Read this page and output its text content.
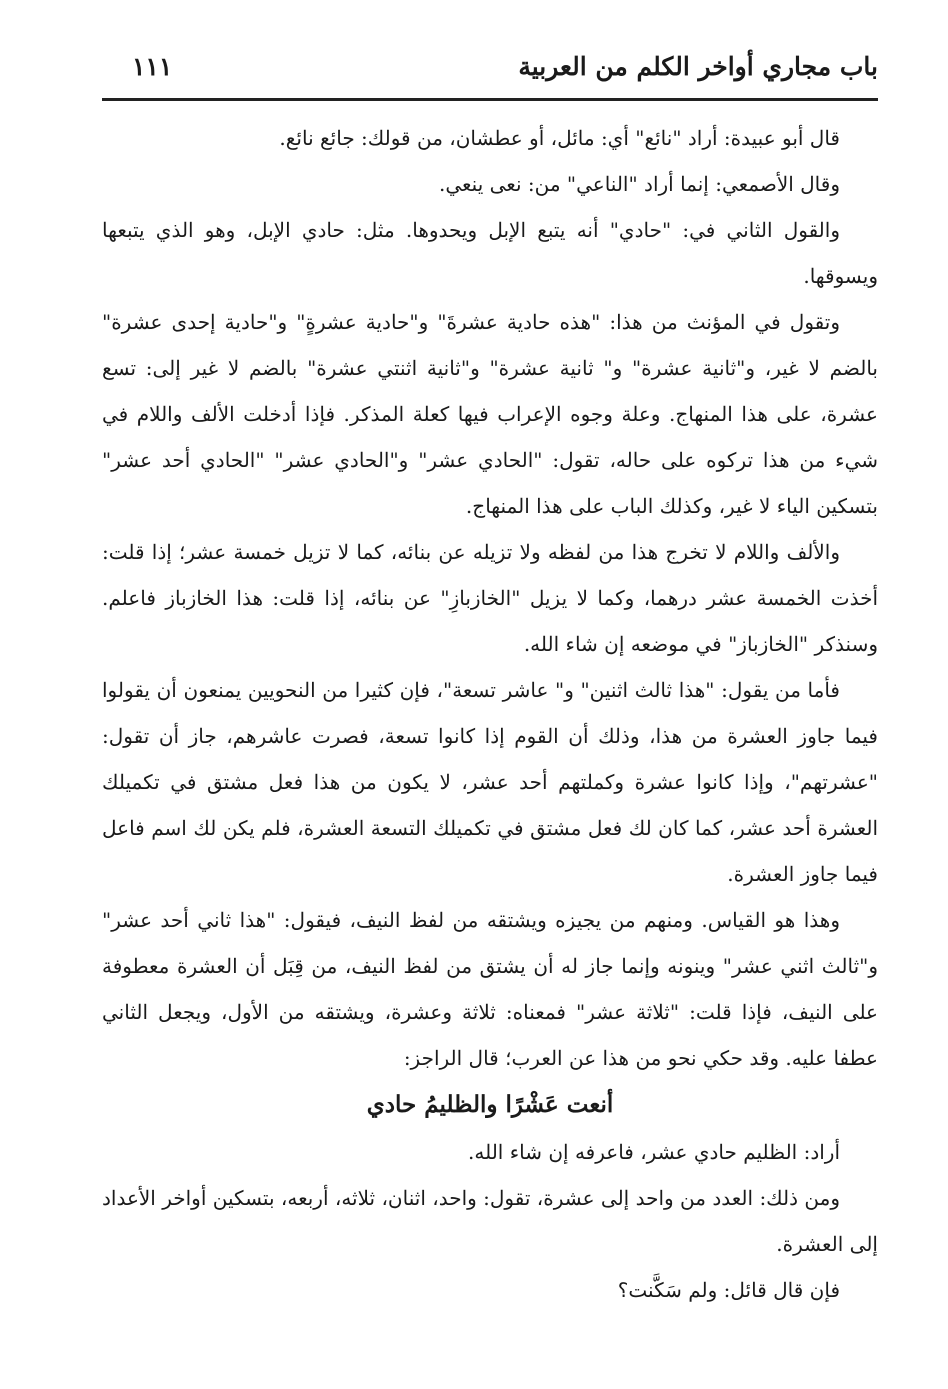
باب مجاري أواخر الكلم من العربية
١١١

قال أبو عبيدة: أراد "نائع" أي: مائل، أو عطشان، من قولك: جائع نائع.

وقال الأصمعي: إنما أراد "الناعي" من: نعى ينعي.

والقول الثاني في: "حادي" أنه يتبع الإبل ويحدوها. مثل: حادي الإبل، وهو الذي يتبعها ويسوقها.

وتقول في المؤنث من هذا: "هذه حادية عشرةَ" و"حادية عشرةٍ" و"حادية إحدى عشرة" بالضم لا غير، و"ثانية عشرة" و" ثانية عشرة" و"ثانية اثنتي عشرة" بالضم لا غير إلى: تسع عشرة، على هذا المنهاج. وعلة وجوه الإعراب فيها كعلة المذكر. فإذا أدخلت الألف واللام في شيء من هذا تركوه على حاله، تقول: "الحادي عشر" و"الحادي عشر" "الحادي أحد عشر" بتسكين الياء لا غير، وكذلك الباب على هذا المنهاج.

والألف واللام لا تخرج هذا من لفظه ولا تزيله عن بنائه، كما لا تزيل خمسة عشر؛ إذا قلت: أخذت الخمسة عشر درهما، وكما لا يزيل "الخازبازِ" عن بنائه، إذا قلت: هذا الخازباز فاعلم. وسنذكر "الخازباز" في موضعه إن شاء الله.

فأما من يقول: "هذا ثالث اثنين" و" عاشر تسعة"، فإن كثيرا من النحويين يمنعون أن يقولوا فيما جاوز العشرة من هذا، وذلك أن القوم إذا كانوا تسعة، فصرت عاشرهم، جاز أن تقول: "عشرتهم"، وإذا كانوا عشرة وكملتهم أحد عشر، لا يكون من هذا فعل مشتق في تكميلك العشرة أحد عشر، كما كان لك فعل مشتق في تكميلك التسعة العشرة، فلم يكن لك اسم فاعل فيما جاوز العشرة.

وهذا هو القياس. ومنهم من يجيزه ويشتقه من لفظ النيف، فيقول: "هذا ثاني أحد عشر" و"ثالث اثني عشر" وينونه وإنما جاز له أن يشتق من لفظ النيف، من قِبَل أن العشرة معطوفة على النيف، فإذا قلت: "ثلاثة عشر" فمعناه: ثلاثة وعشرة، ويشتقه من الأول، ويجعل الثاني عطفا عليه. وقد حكي نحو من هذا عن العرب؛ قال الراجز:

أنعت عَشْرًا والظليمُ حادي

أراد: الظليم حادي عشر، فاعرفه إن شاء الله.

ومن ذلك: العدد من واحد إلى عشرة، تقول: واحد، اثنان، ثلاثه، أربعه، بتسكين أواخر الأعداد إلى العشرة.

فإن قال قائل: ولم سَكَّنت؟
